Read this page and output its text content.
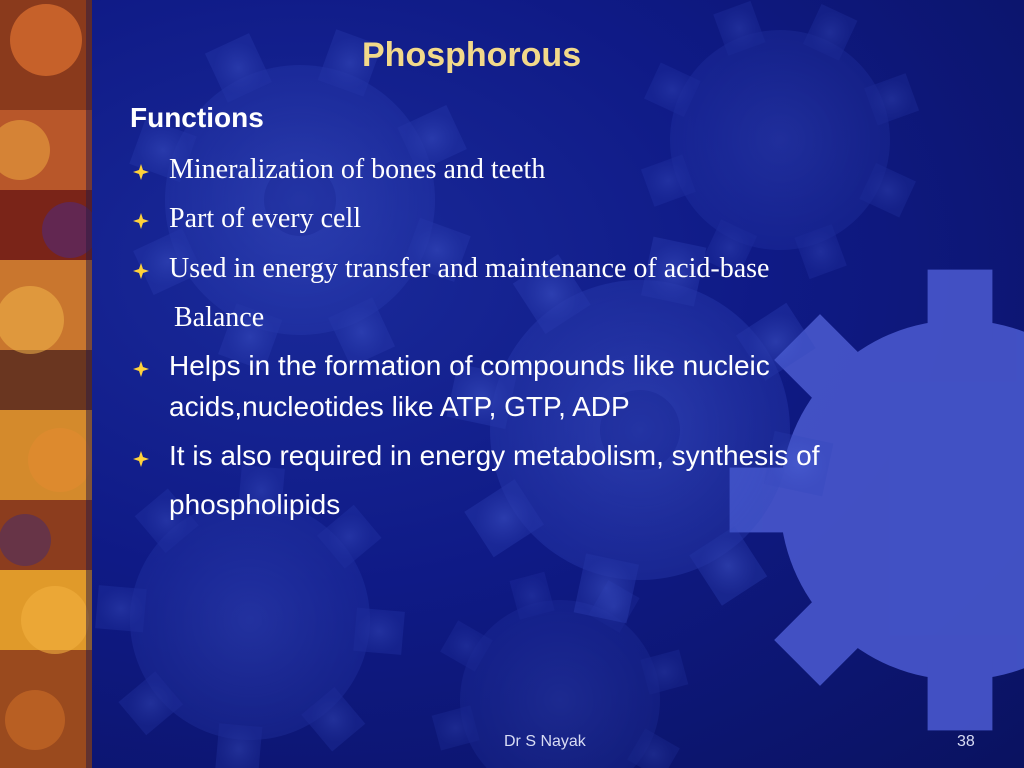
Phosphorous
Functions
Mineralization of bones and teeth
Part of every cell
Used in energy transfer and maintenance of acid-base
Balance
Helps in the formation of compounds like nucleic
acids,nucleotides like ATP, GTP, ADP
It is also required in energy metabolism, synthesis of
phospholipids
Dr S Nayak	38
